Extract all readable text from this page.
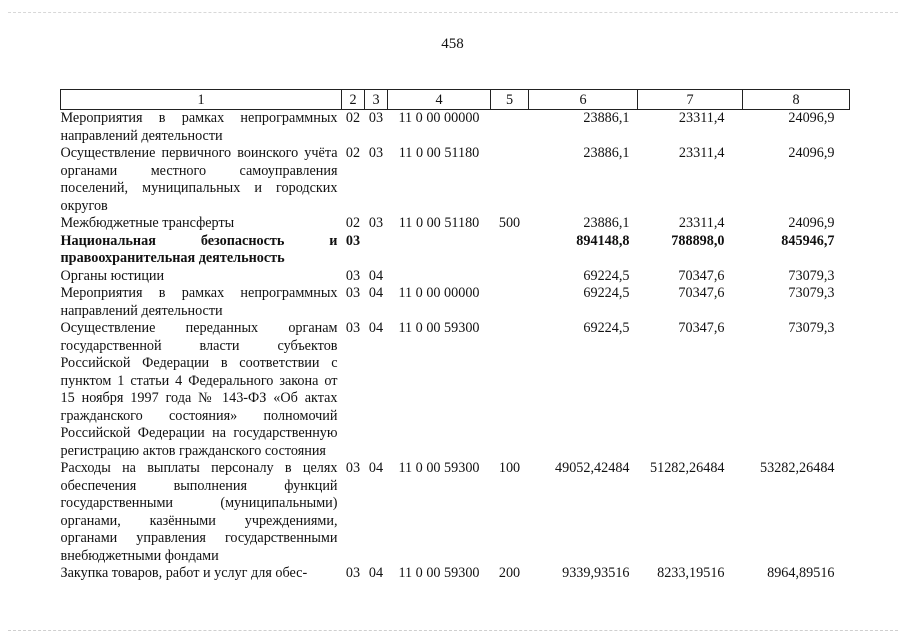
458
1	2	3	4	5	6	7	8
Мероприятия в рамках непрограммных направлений деятельности	02	03	11 0 00 00000		23886,1	23311,4	24096,9
Осуществление первичного воинского учёта органами местного самоуправления поселений, муниципальных и городских округов	02	03	11 0 00 51180		23886,1	23311,4	24096,9
Межбюджетные трансферты	02	03	11 0 00 51180	500	23886,1	23311,4	24096,9
Национальная безопасность и правоохранительная деятельность	03				894148,8	788898,0	845946,7
Органы юстиции	03	04			69224,5	70347,6	73079,3
Мероприятия в рамках непрограммных направлений деятельности	03	04	11 0 00 00000		69224,5	70347,6	73079,3
Осуществление переданных органам государственной власти субъектов Российской Федерации в соответствии с пунктом 1 статьи 4 Федерального закона от 15 ноября 1997 года № 143-ФЗ «Об актах гражданского состояния» полномочий Российской Федерации на государственную регистрацию актов гражданского состояния	03	04	11 0 00 59300		69224,5	70347,6	73079,3
Расходы на выплаты персоналу в целях обеспечения выполнения функций государственными (муниципальными) органами, казёнными учреждениями, органами управления государственными внебюджетными фондами	03	04	11 0 00 59300	100	49052,42484	51282,26484	53282,26484
Закупка товаров, работ и услуг для обес-	03	04	11 0 00 59300	200	9339,93516	8233,19516	8964,89516
